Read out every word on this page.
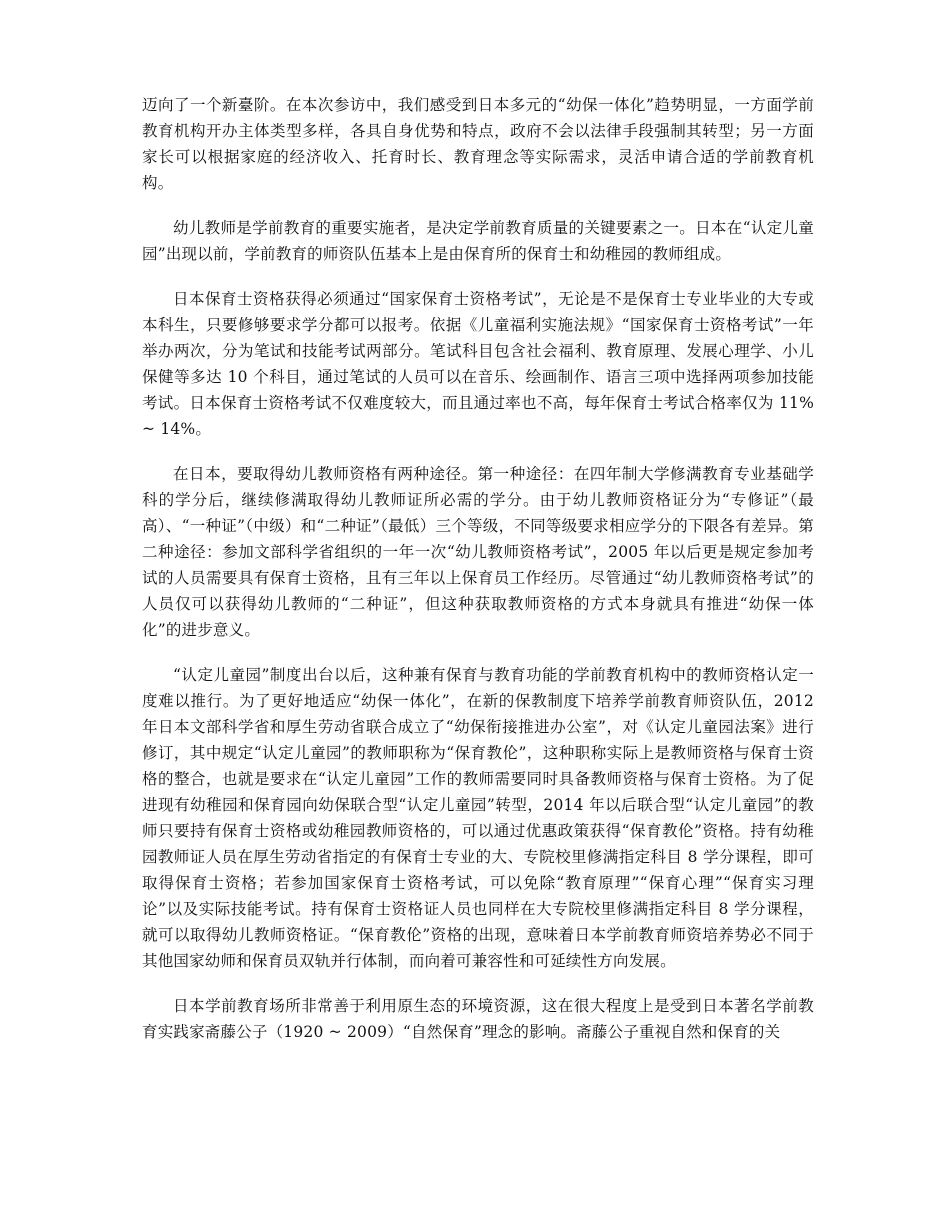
迈向了一个新臺阶。在本次参访中，我们感受到日本多元的“幼保一体化”趋势明显，一方面学前教育机构开办主体类型多样，各具自身优势和特点，政府不会以法律手段强制其转型；另一方面家长可以根据家庭的经济收入、托育时长、教育理念等实际需求，灵活申请合适的学前教育机构。

幼儿教师是学前教育的重要实施者，是决定学前教育质量的关键要素之一。日本在“认定儿童园”出现以前，学前教育的师资队伍基本上是由保育所的保育士和幼稚园的教师组成。

日本保育士资格获得必须通过“国家保育士资格考试”，无论是不是保育士专业毕业的大专或本科生，只要修够要求学分都可以报考。依据《儿童福利实施法规》“国家保育士资格考试”一年举办两次，分为笔试和技能考试两部分。笔试科目包含社会福利、教育原理、发展心理学、小儿保健等多达 10 个科目，通过笔试的人员可以在音乐、绘画制作、语言三项中选择两项参加技能考试。日本保育士资格考试不仅难度较大，而且通过率也不高，每年保育士考试合格率仅为 11% ~ 14%。

在日本，要取得幼儿教师资格有两种途径。第一种途径：在四年制大学修满教育专业基础学科的学分后，继续修满取得幼儿教师证所必需的学分。由于幼儿教师资格证分为“专修证”（最高）、“一种证”（中级）和“二种证”（最低）三个等级，不同等级要求相应学分的下限各有差异。第二种途径：参加文部科学省组织的一年一次“幼儿教师资格考试”，2005 年以后更是规定参加考试的人员需要具有保育士资格，且有三年以上保育员工作经历。尽管通过“幼儿教师资格考试”的人员仅可以获得幼儿教师的“二种证”，但这种获取教师资格的方式本身就具有推进“幼保一体化”的进步意义。

“认定儿童园”制度出台以后，这种兼有保育与教育功能的学前教育机构中的教师资格认定一度难以推行。为了更好地适应“幼保一体化”，在新的保教制度下培养学前教育师资队伍，2012 年日本文部科学省和厚生劳动省联合成立了“幼保衔接推进办公室”，对《认定儿童园法案》进行修订，其中规定“认定儿童园”的教师职称为“保育教伦”，这种职称实际上是教师资格与保育士资格的整合，也就是要求在“认定儿童园”工作的教师需要同时具备教师资格与保育士资格。为了促进现有幼稚园和保育园向幼保联合型“认定儿童园”转型，2014 年以后联合型“认定儿童园”的教师只要持有保育士资格或幼稚园教师资格的，可以通过优惠政策获得“保育教伦”资格。持有幼稚园教师证人员在厚生劳动省指定的有保育士专业的大、专院校里修满指定科目 8 学分课程，即可取得保育士资格；若参加国家保育士资格考试，可以免除“教育原理”“保育心理”“保育实习理论”以及实际技能考试。持有保育士资格证人员也同样在大专院校里修满指定科目 8 学分课程，就可以取得幼儿教师资格证。“保育教伦”资格的出现，意味着日本学前教育师资培养势必不同于其他国家幼师和保育员双轨并行体制，而向着可兼容性和可延续性方向发展。

日本学前教育场所非常善于利用原生态的环境资源，这在很大程度上是受到日本著名学前教育实践家斋藤公子（1920 ~ 2009）“自然保育”理念的影响。斋藤公子重视自然和保育的关
